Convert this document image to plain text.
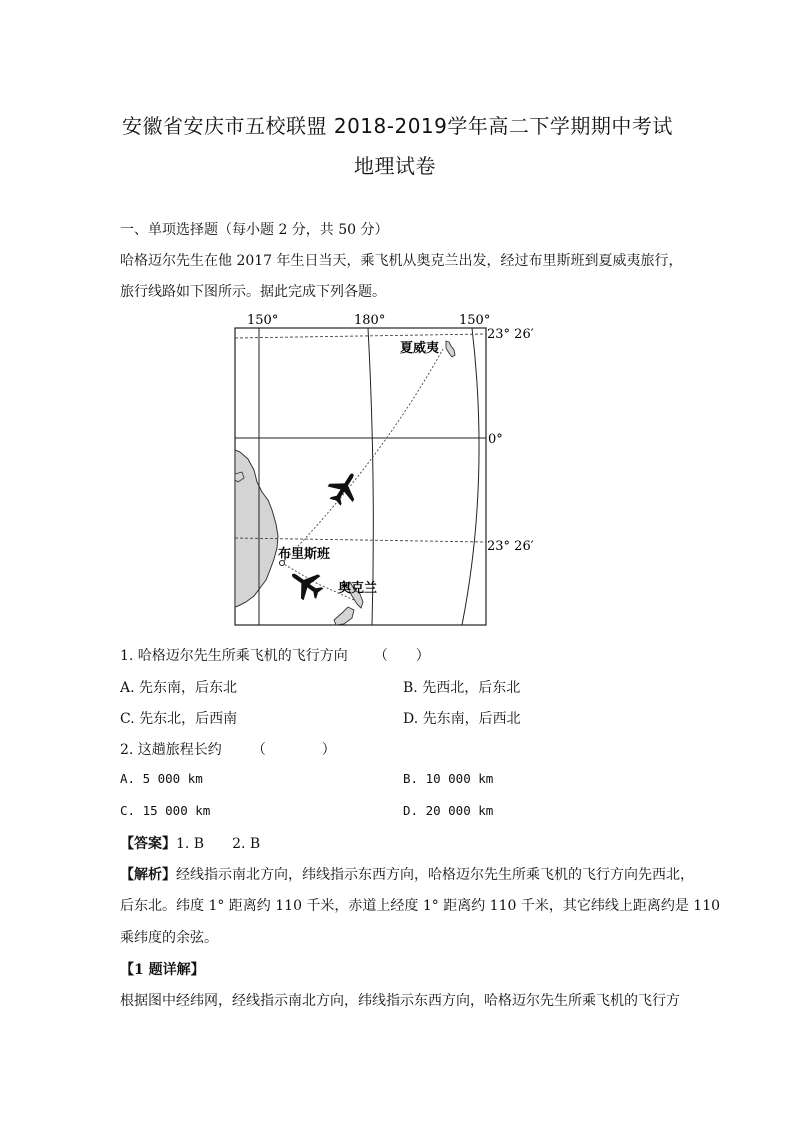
安徽省安庆市五校联盟 2018-2019学年高二下学期期中考试
地理试卷
一、单项选择题（每小题 2 分，共 50 分）
哈格迈尔先生在他 2017 年生日当天，乘飞机从奥克兰出发，经过布里斯班到夏威夷旅行，
旅行线路如下图所示。据此完成下列各题。
150°	180°	150°
23° 26′
0°
23° 26′
夏威夷
布里斯班
奥克兰
1. 哈格迈尔先生所乘飞机的飞行方向 （　　）
A. 先东南，后东北	B. 先西北，后东北
C. 先东北，后西南	D. 先东南，后西北
2. 这趟旅程长约 （　　　　）
A. 5 000 km	B. 10 000 km
C. 15 000 km	D. 20 000 km
【答案】1. B　　2. B
【解析】经线指示南北方向，纬线指示东西方向，哈格迈尔先生所乘飞机的飞行方向先西北，
后东北。纬度 1° 距离约 110 千米，赤道上经度 1° 距离约 110 千米，其它纬线上距离约是 110
乘纬度的余弦。
【1 题详解】
根据图中经纬网，经线指示南北方向，纬线指示东西方向，哈格迈尔先生所乘飞机的飞行方
